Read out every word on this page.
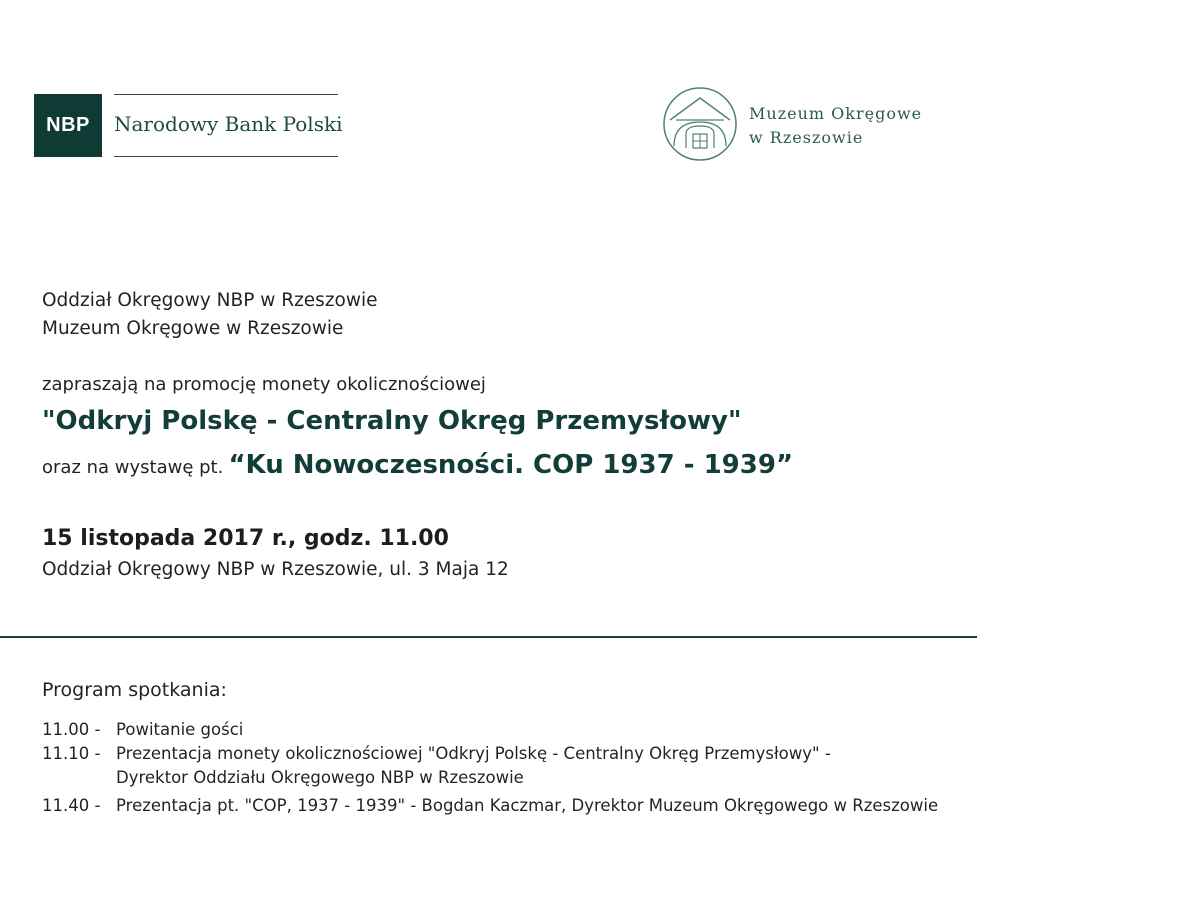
NBP	Narodowy Bank Polski	Muzeum Okręgowe
w Rzeszowie
Oddział Okręgowy NBP w Rzeszowie
Muzeum Okręgowe w Rzeszowie
zapraszają na promocję monety okolicznościowej
"Odkryj Polskę - Centralny Okręg Przemysłowy"
oraz na wystawę pt. “Ku Nowoczesności. COP 1937 - 1939”
15 listopada 2017 r., godz. 11.00
Oddział Okręgowy NBP w Rzeszowie, ul. 3 Maja 12
Program spotkania:
11.00 - Powitanie gości
11.10 - Prezentacja monety okolicznościowej "Odkryj Polskę - Centralny Okręg Przemysłowy" -
Dyrektor Oddziału Okręgowego NBP w Rzeszowie
11.40 - Prezentacja pt. "COP, 1937 - 1939" - Bogdan Kaczmar, Dyrektor Muzeum Okręgowego w Rzeszowie
